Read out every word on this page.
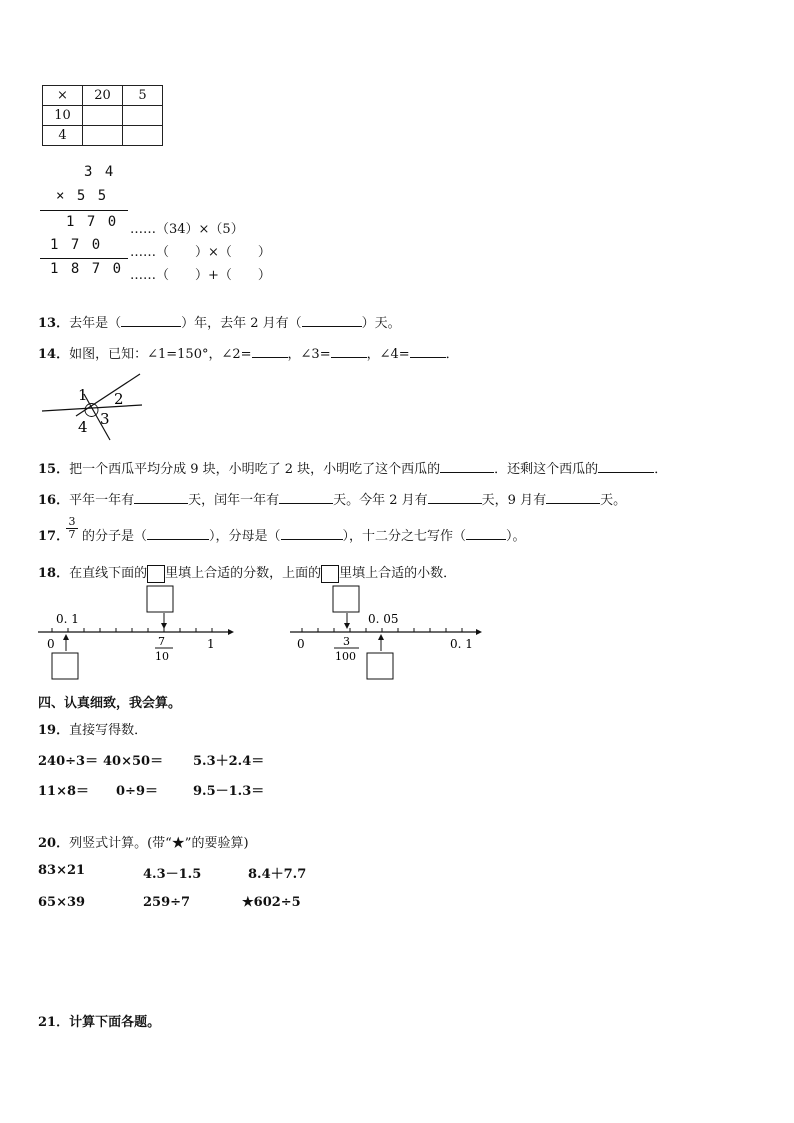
×	20	5
10		
4		
3 4
× 5 5
1 7 0 ……（34）×（5）
1 7 0 ……（　　）×（　　）
1 8 7 0 ……（　　）+（　　）
13．去年是（	）年，去年 2 月有（	）天。
14．如图，已知：∠1=150°，∠2=	，∠3=	，∠4=	．
1 2
3
4
15．把一个西瓜平均分成 9 块，小明吃了 2 块，小明吃了这个西瓜的	．还剩这个西瓜的	．
16．平年一年有	天，闰年一年有	天。今年 2 月有	天，9 月有	天。
17．
3
7 的分子是（	），分母是（	），十二分之七写作（	）。
18．在直线下面的 里填上合适的分数，上面的 里填上合适的小数．
0. 1
0	1
7
10
0. 05
0	0. 1
3
100
四、认真细致，我会算。
19．直接写得数．
240÷3＝ 40×50＝ 5.3＋2.4＝
11×8＝ 0÷9＝	9.5－1.3＝
20．列竖式计算。(带“★”的要验算)
83×21	4.3－1.5	8.4＋7.7
65×39	259÷7	★602÷5
21．计算下面各题。
